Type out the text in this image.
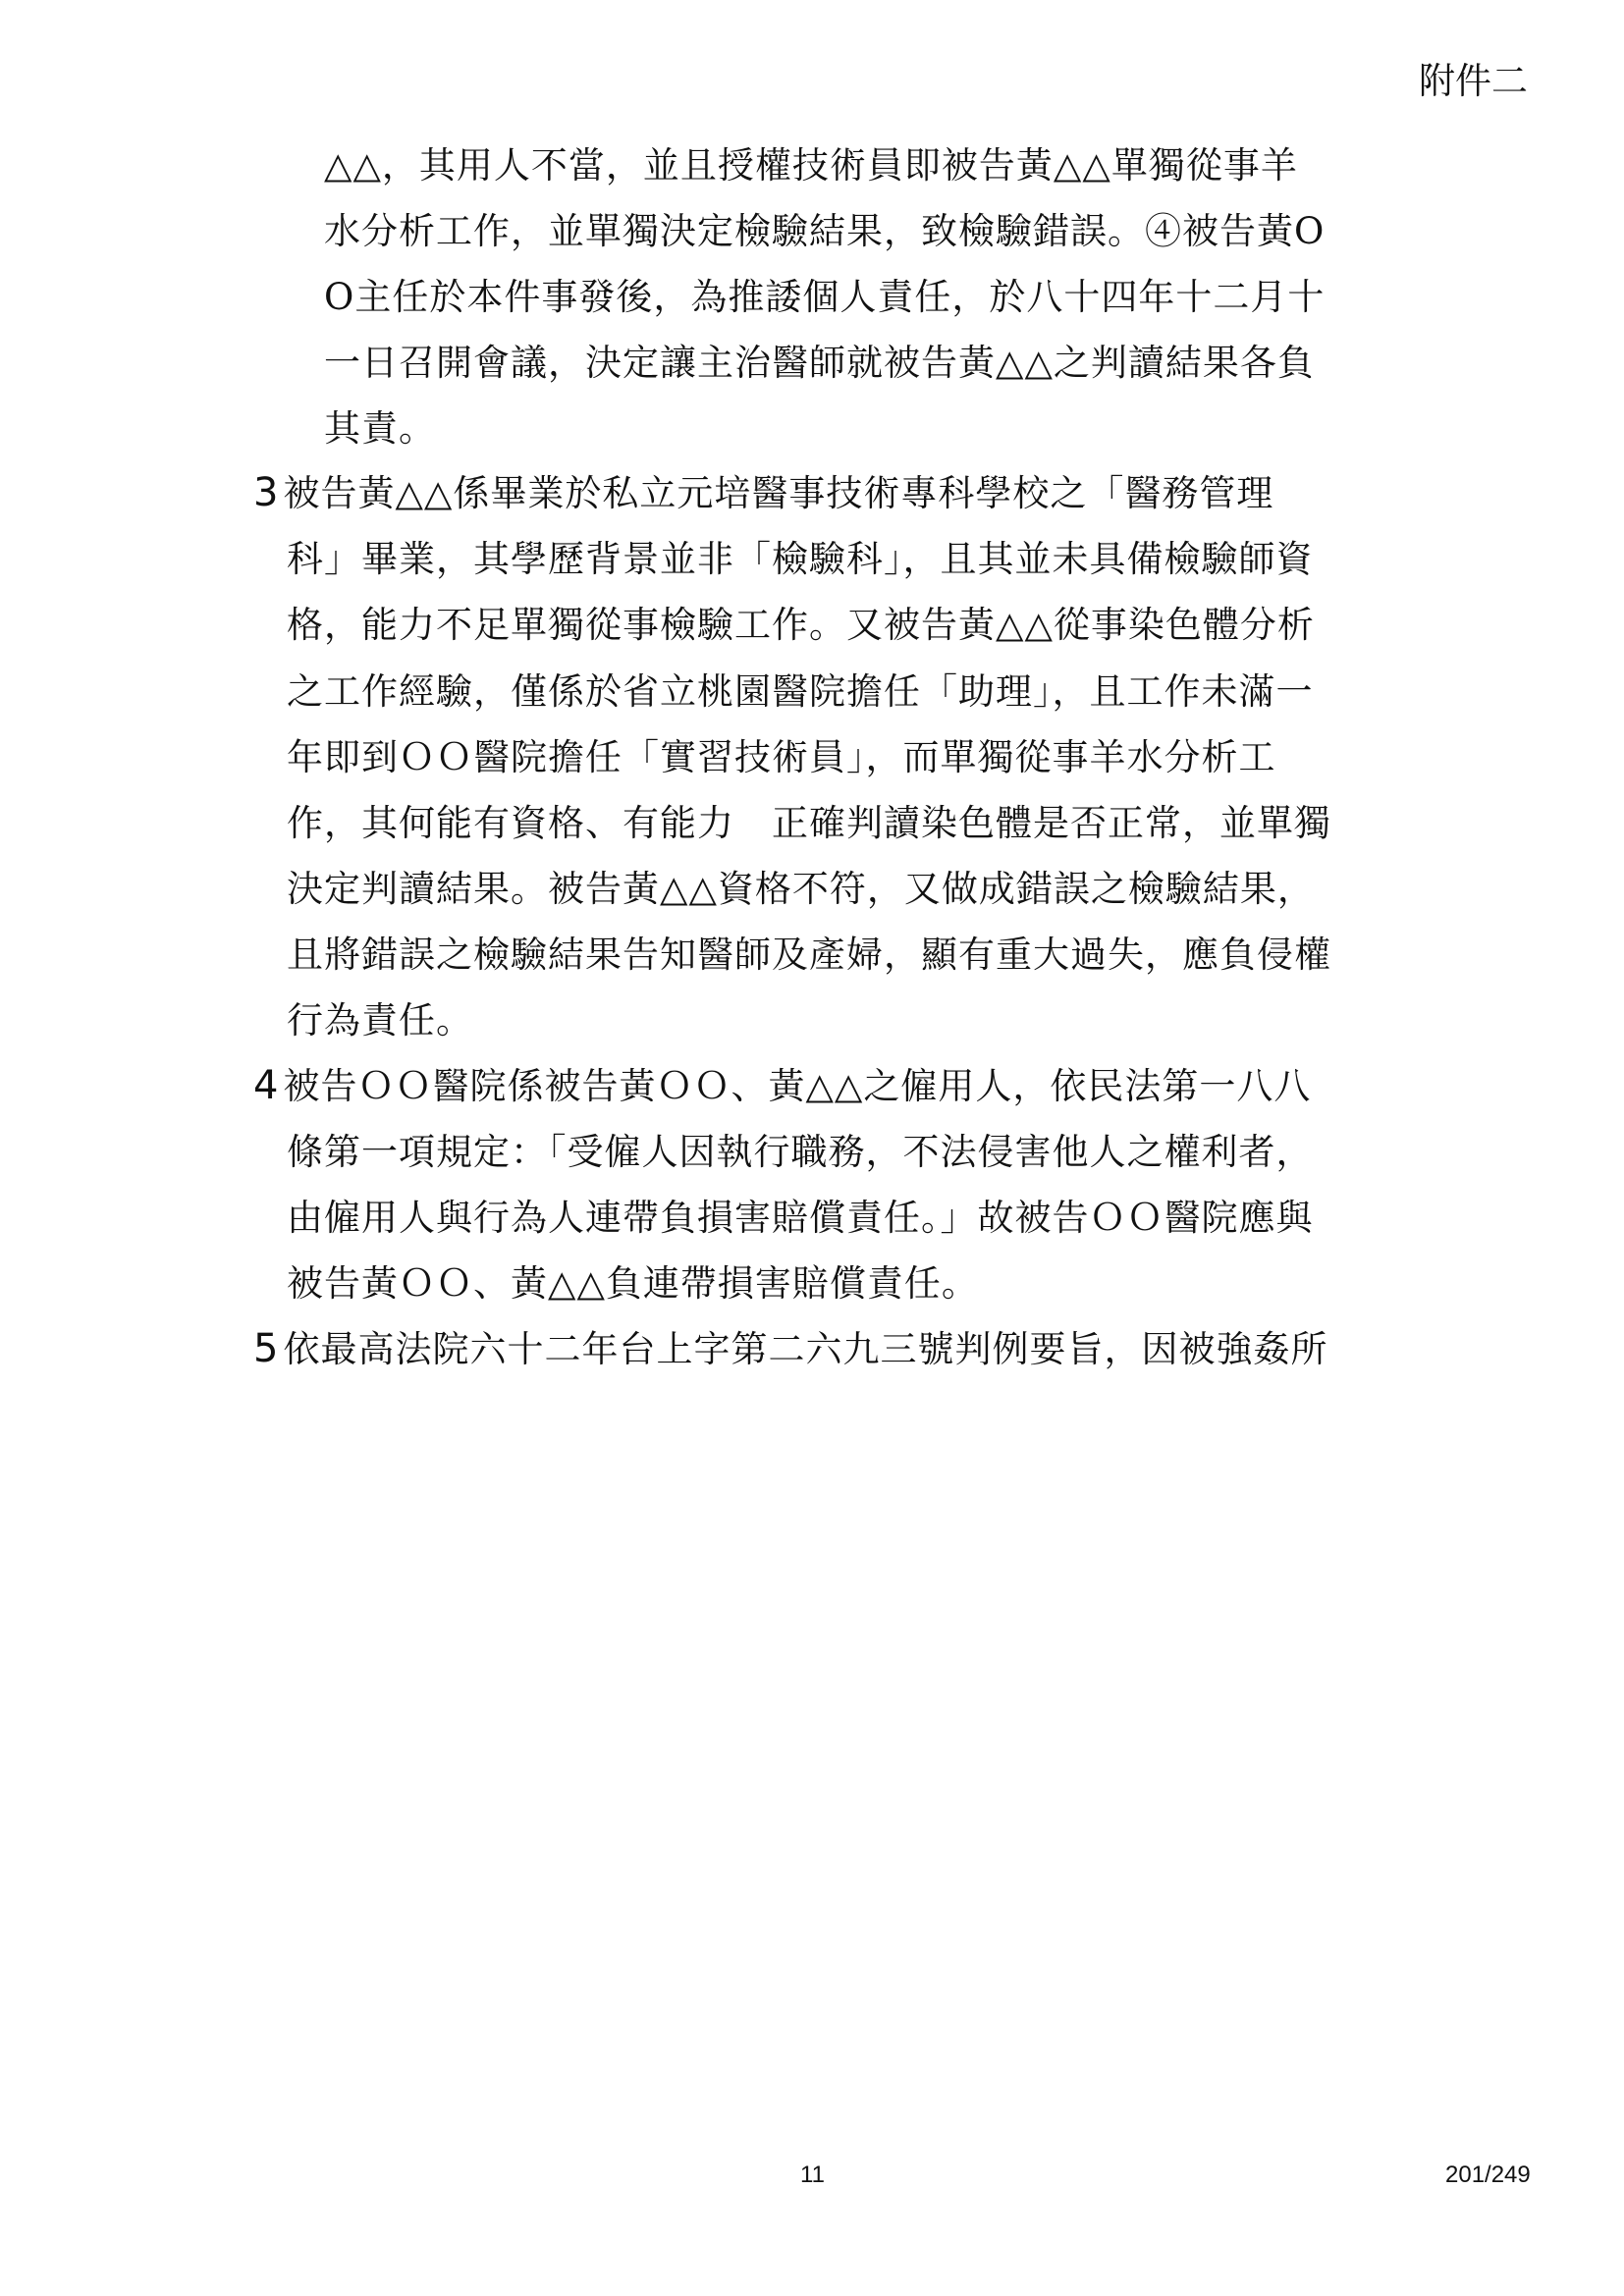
附件二
△△，其用人不當，並且授權技術員即被告黃△△單獨從事羊
水分析工作，並單獨決定檢驗結果，致檢驗錯誤。④被告黃O
O主任於本件事發後，為推諉個人責任，於八十四年十二月十
一日召開會議，決定讓主治醫師就被告黃△△之判讀結果各負
其責。
3 被告黃△△係畢業於私立元培醫事技術專科學校之「醫務管理
科」畢業，其學歷背景並非「檢驗科」，且其並未具備檢驗師資
格，能力不足單獨從事檢驗工作。又被告黃△△從事染色體分析
之工作經驗，僅係於省立桃園醫院擔任「助理」，且工作未滿一
年即到ＯＯ醫院擔任「實習技術員」，而單獨從事羊水分析工
作，其何能有資格、有能力　正確判讀染色體是否正常，並單獨
決定判讀結果。被告黃△△資格不符，又做成錯誤之檢驗結果，
且將錯誤之檢驗結果告知醫師及產婦，顯有重大過失，應負侵權
行為責任。
4 被告ＯＯ醫院係被告黃ＯＯ、黃△△之僱用人，依民法第一八八
條第一項規定：「受僱人因執行職務，不法侵害他人之權利者，
由僱用人與行為人連帶負損害賠償責任。」故被告ＯＯ醫院應與
被告黃ＯＯ、黃△△負連帶損害賠償責任。
5 依最高法院六十二年台上字第二六九三號判例要旨，因被強姦所
11	201/249
